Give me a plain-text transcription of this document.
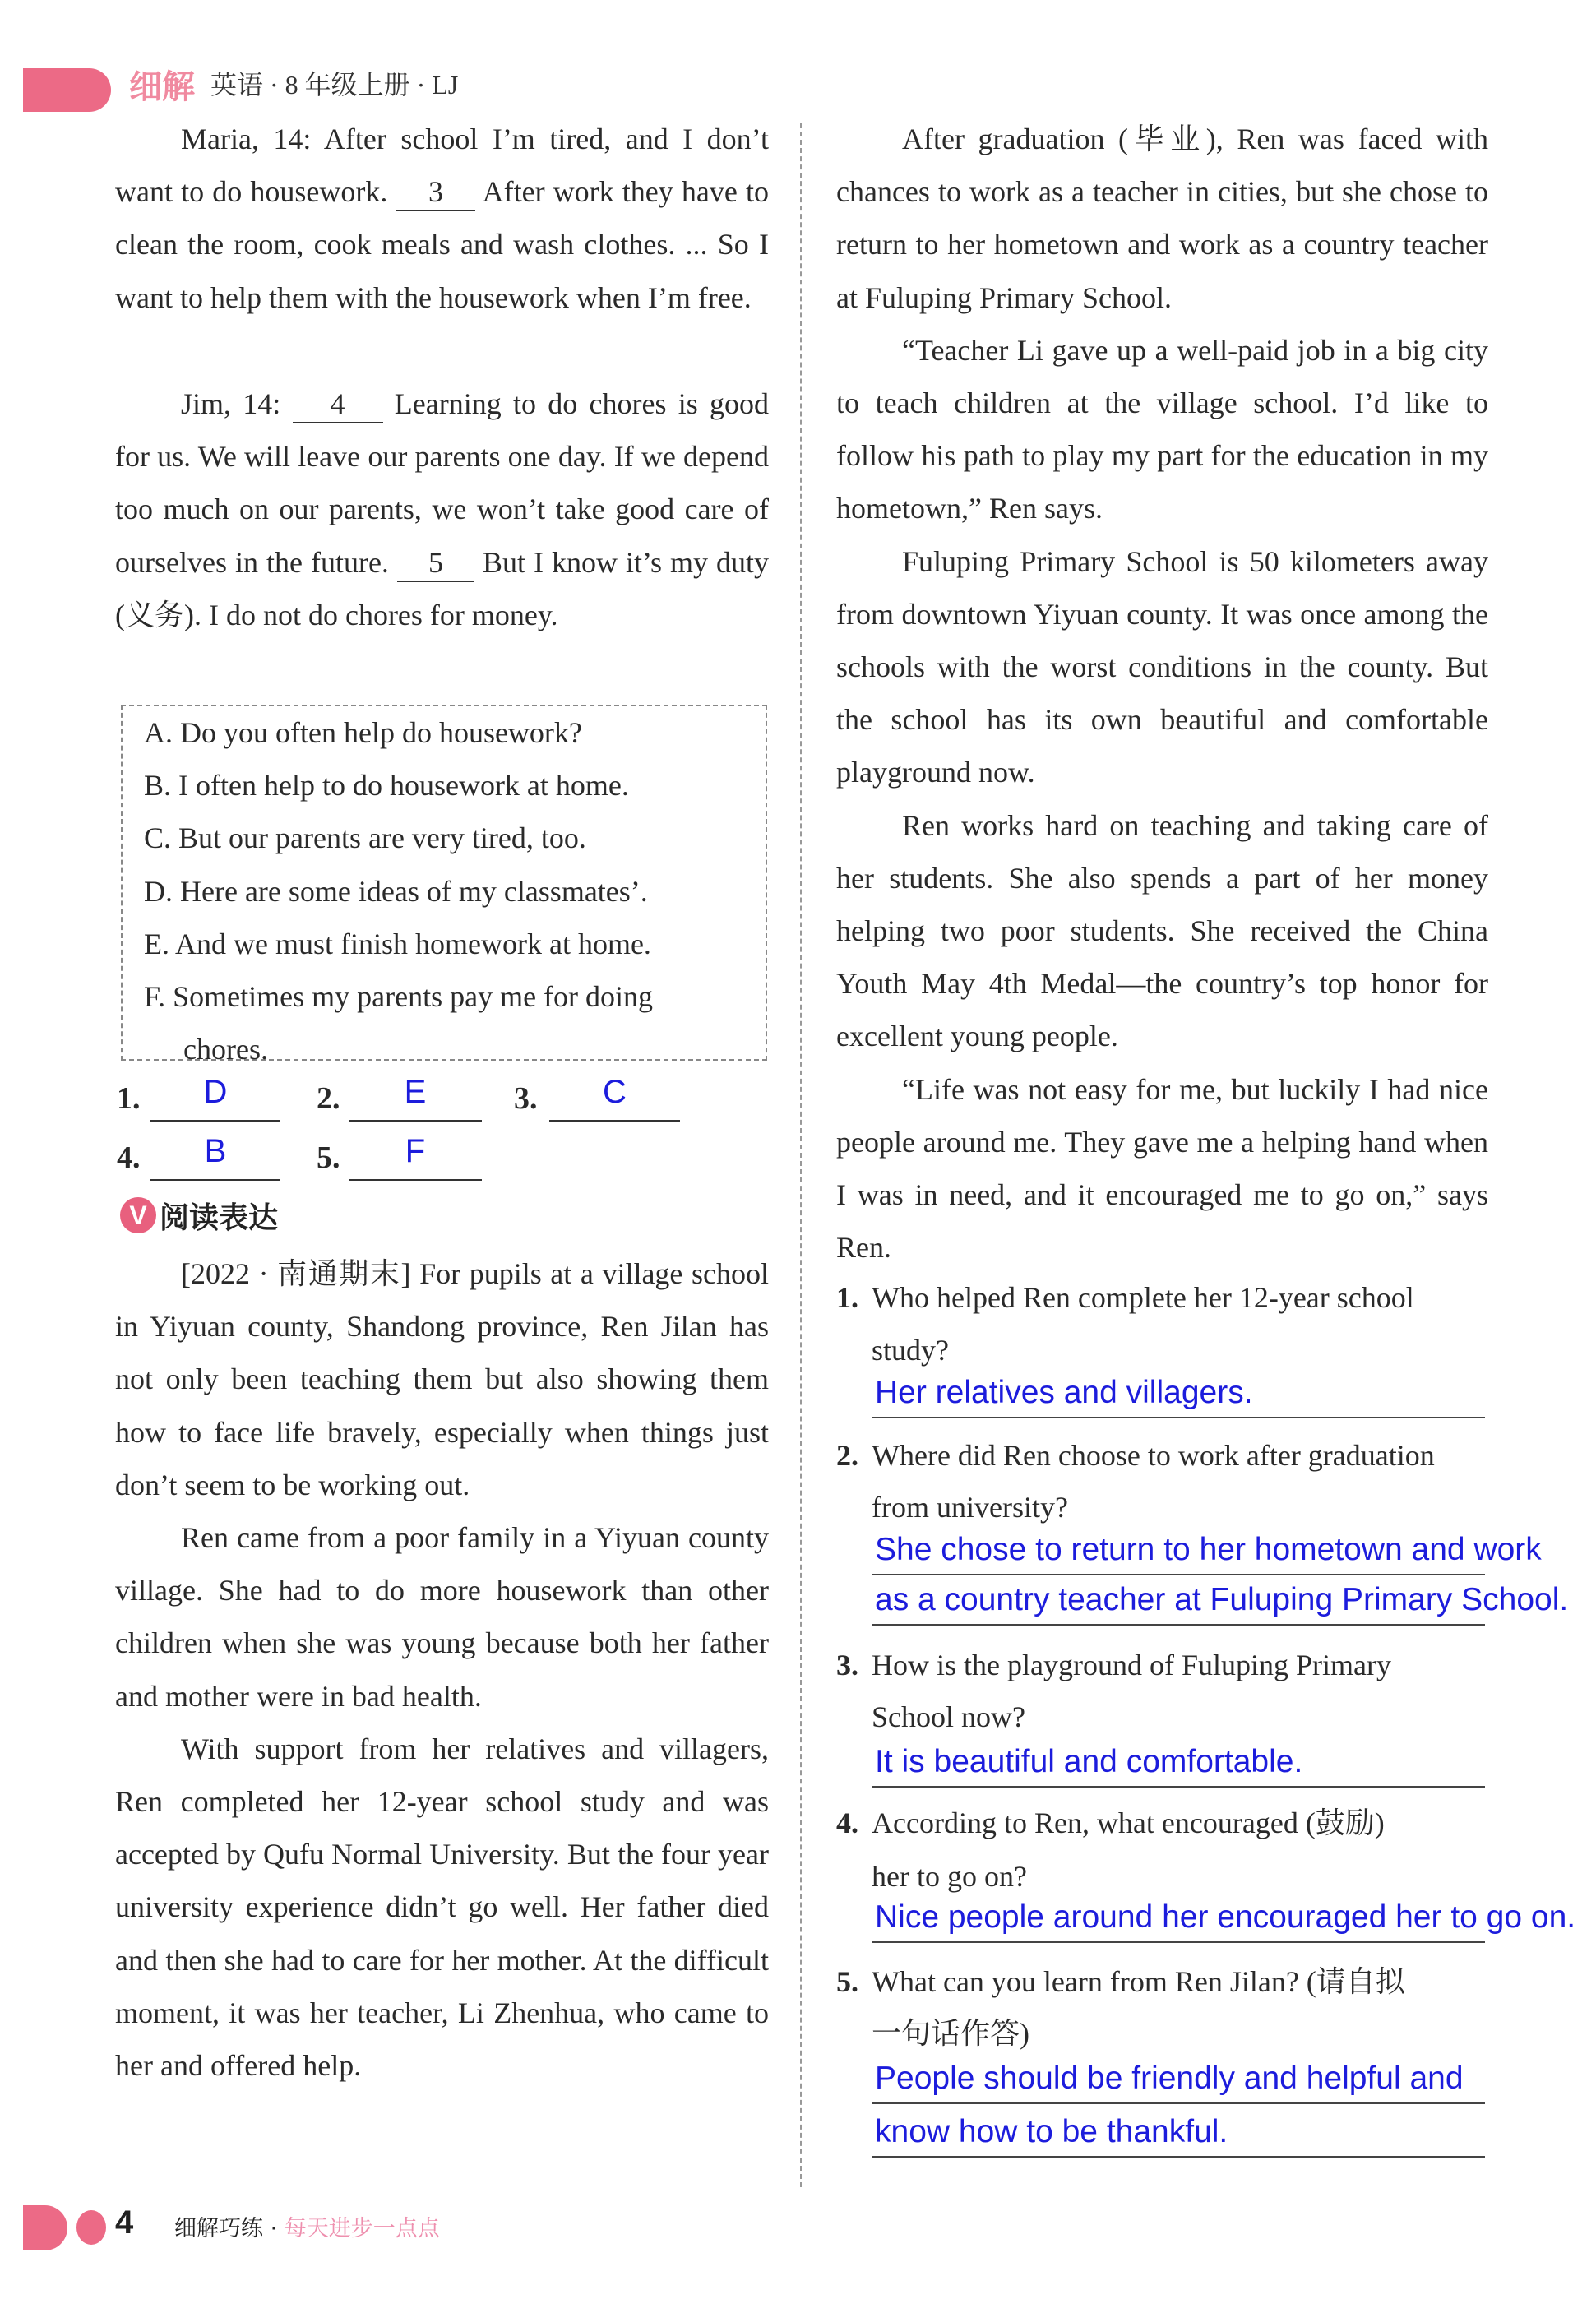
细解 英语 · 8 年级上册 · LJ
Maria, 14: After school I’m tired, and I don’t want to do housework. 3 After work they have to clean the room, cook meals and wash clothes. ... So I want to help them with the housework when I’m free.
Jim, 14: 4 Learning to do chores is good for us. We will leave our parents one day. If we depend too much on our parents, we won’t take good care of ourselves in the future. 5 But I know it’s my duty (义务). I do not do chores for money.
A. Do you often help do housework?
B. I often help to do housework at home.
C. But our parents are very tired, too.
D. Here are some ideas of my classmates’.
E. And we must finish homework at home.
F. Sometimes my parents pay me for doing
chores.
1.	D	2.	E	3.	C
4.	B	5.	F
V 阅读表达

[2022 · 南通期末] For pupils at a village school in Yiyuan county, Shandong province, Ren Jilan has not only been teaching them but also showing them how to face life bravely, especially when things just don’t seem to be working out.

Ren came from a poor family in a Yiyuan county village. She had to do more housework than other children when she was young because both her father and mother were in bad health.

With support from her relatives and villagers, Ren completed her 12-year school study and was accepted by Qufu Normal University. But the four year university experience didn’t go well. Her father died and then she had to care for her mother. At the difficult moment, it was her teacher, Li Zhenhua, who came to her and offered help.

After graduation (毕业), Ren was faced with chances to work as a teacher in cities, but she chose to return to her hometown and work as a country teacher at Fuluping Primary School.

“Teacher Li gave up a well-paid job in a big city to teach children at the village school. I’d like to follow his path to play my part for the education in my hometown,” Ren says.

Fuluping Primary School is 50 kilometers away from downtown Yiyuan county. It was once among the schools with the worst conditions in the county. But the school has its own beautiful and comfortable playground now.

Ren works hard on teaching and taking care of her students. She also spends a part of her money helping two poor students. She received the China Youth May 4th Medal—the country’s top honor for excellent young people.

“Life was not easy for me, but luckily I had nice people around me. They gave me a helping hand when I was in need, and it encouraged me to go on,” says Ren.

1. Who helped Ren complete her 12-year school
study?
Her relatives and villagers.
2. Where did Ren choose to work after graduation
from university?
She chose to return to her hometown and work
as a country teacher at Fuluping Primary School.
3. How is the playground of Fuluping Primary
School now?
It is beautiful and comfortable.
4. According to Ren, what encouraged (鼓励)
her to go on?
Nice people around her encouraged her to go on.
5. What can you learn from Ren Jilan? (请自拟
一句话作答)
People should be friendly and helpful and
know how to be thankful.
4 细解巧练 · 每天进步一点点
